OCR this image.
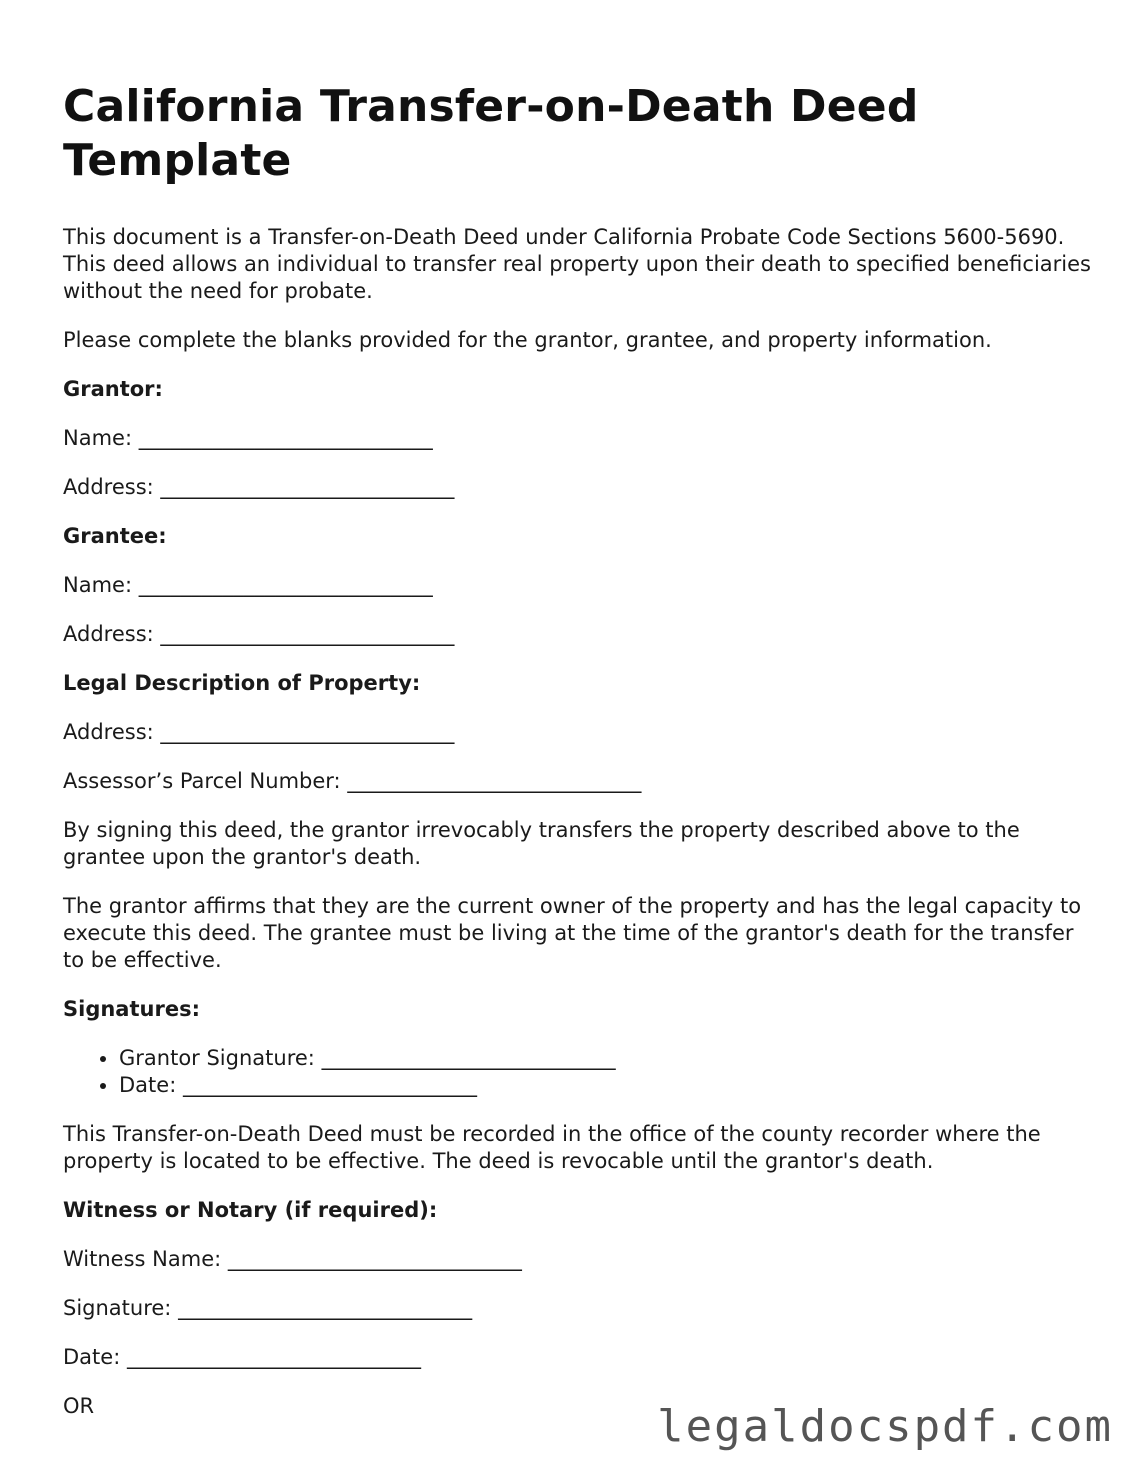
California Transfer-on-Death Deed Template

This document is a Transfer-on-Death Deed under California Probate Code Sections 5600-5690. This deed allows an individual to transfer real property upon their death to specified beneficiaries without the need for probate.

Please complete the blanks provided for the grantor, grantee, and property information.

Grantor:

Name: ____________________________

Address: ____________________________

Grantee:

Name: ____________________________

Address: ____________________________

Legal Description of Property:

Address: ____________________________

Assessor’s Parcel Number: ____________________________

By signing this deed, the grantor irrevocably transfers the property described above to the grantee upon the grantor's death.

The grantor affirms that they are the current owner of the property and has the legal capacity to execute this deed. The grantee must be living at the time of the grantor's death for the transfer to be effective.

Signatures:

• Grantor Signature: ____________________________
• Date: ____________________________

This Transfer-on-Death Deed must be recorded in the office of the county recorder where the property is located to be effective. The deed is revocable until the grantor's death.

Witness or Notary (if required):

Witness Name: ____________________________

Signature: ____________________________

Date: ____________________________

OR	legaldocspdf.com
